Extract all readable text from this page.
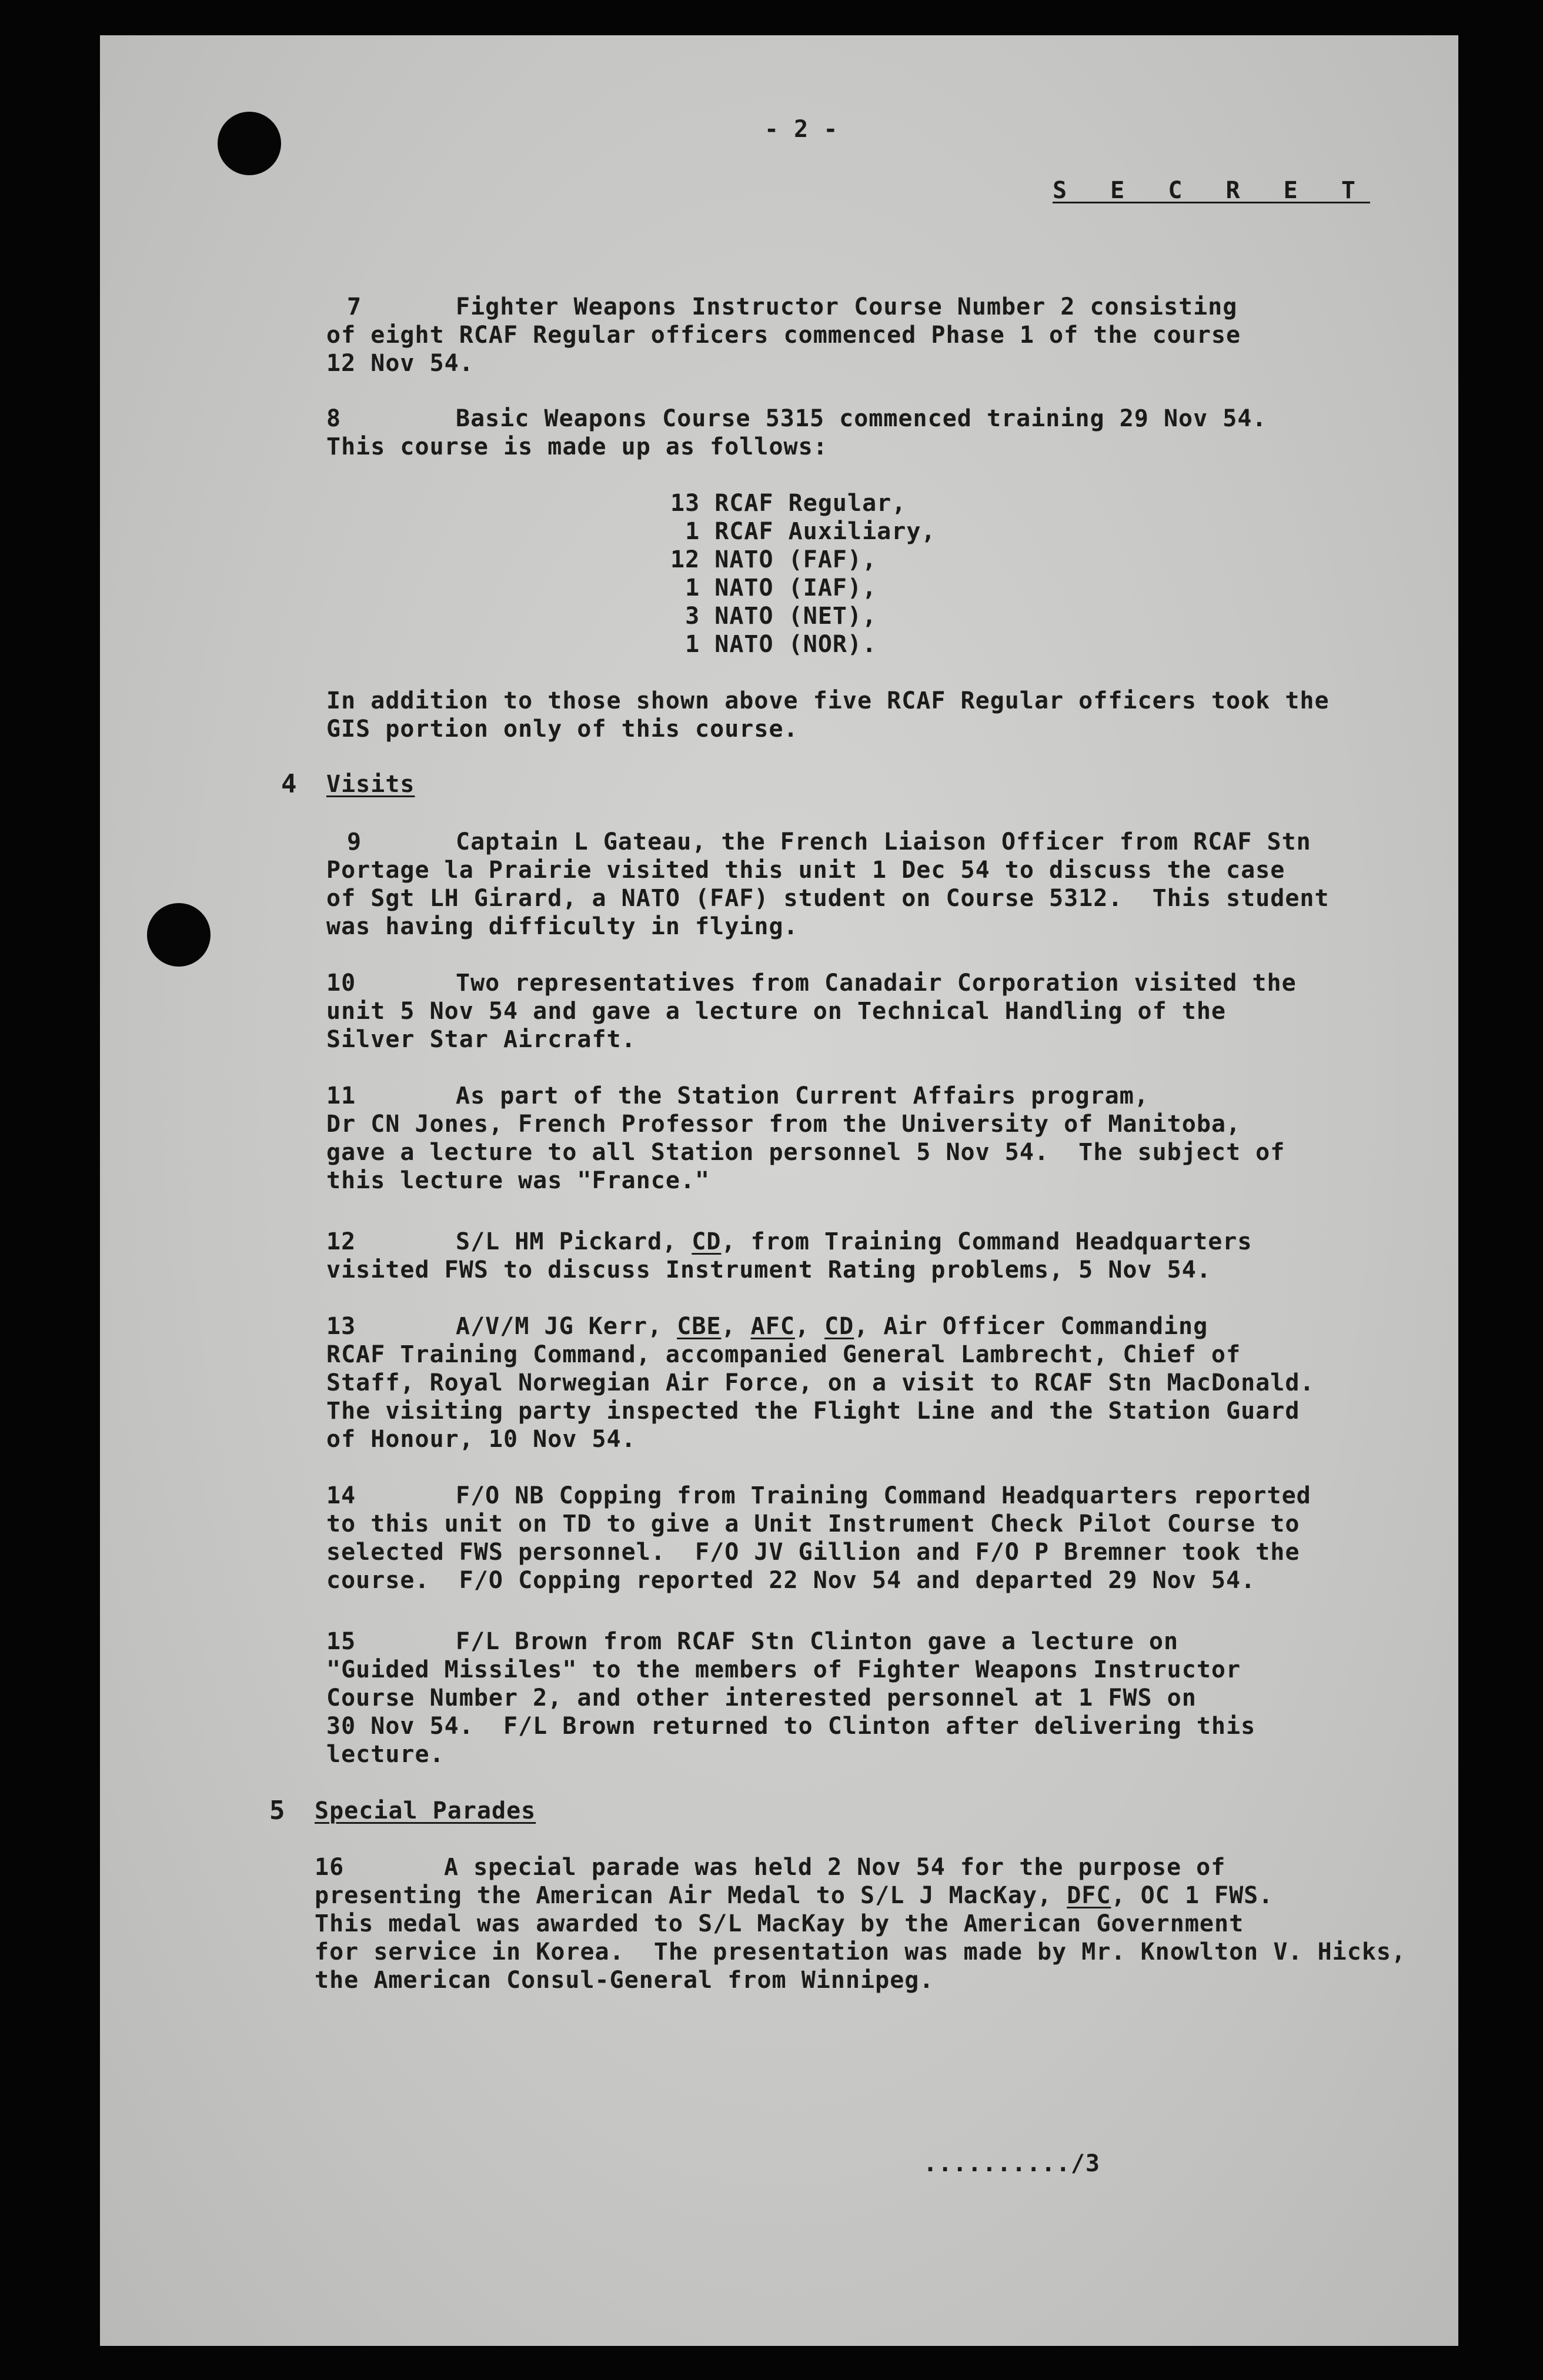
- 2 -
S E C R E T
7	Fighter Weapons Instructor Course Number 2 consisting
of eight RCAF Regular officers commenced Phase 1 of the course
12 Nov 54.
8	Basic Weapons Course 5315 commenced training 29 Nov 54.
This course is made up as follows:
13 RCAF Regular,
1 RCAF Auxiliary,
12 NATO (FAF),
1 NATO (IAF),
3 NATO (NET),
1 NATO (NOR).
In addition to those shown above five RCAF Regular officers took the
GIS portion only of this course.
4 Visits
9	Captain L Gateau, the French Liaison Officer from RCAF Stn
Portage la Prairie visited this unit 1 Dec 54 to discuss the case
of Sgt LH Girard, a NATO (FAF) student on Course 5312.  This student
was having difficulty in flying.
10	Two representatives from Canadair Corporation visited the
unit 5 Nov 54 and gave a lecture on Technical Handling of the
Silver Star Aircraft.
11	As part of the Station Current Affairs program,
Dr CN Jones, French Professor from the University of Manitoba,
gave a lecture to all Station personnel 5 Nov 54.  The subject of
this lecture was "France."
12	S/L HM Pickard, CD, from Training Command Headquarters
visited FWS to discuss Instrument Rating problems, 5 Nov 54.
13	A/V/M JG Kerr, CBE, AFC, CD, Air Officer Commanding
RCAF Training Command, accompanied General Lambrecht, Chief of
Staff, Royal Norwegian Air Force, on a visit to RCAF Stn MacDonald.
The visiting party inspected the Flight Line and the Station Guard
of Honour, 10 Nov 54.
14	F/O NB Copping from Training Command Headquarters reported
to this unit on TD to give a Unit Instrument Check Pilot Course to
selected FWS personnel.  F/O JV Gillion and F/O P Bremner took the
course.  F/O Copping reported 22 Nov 54 and departed 29 Nov 54.
15	F/L Brown from RCAF Stn Clinton gave a lecture on
"Guided Missiles" to the members of Fighter Weapons Instructor
Course Number 2, and other interested personnel at 1 FWS on
30 Nov 54.  F/L Brown returned to Clinton after delivering this
lecture.
5 Special Parades
16	A special parade was held 2 Nov 54 for the purpose of
presenting the American Air Medal to S/L J MacKay, DFC, OC 1 FWS.
This medal was awarded to S/L MacKay by the American Government
for service in Korea.  The presentation was made by Mr. Knowlton V. Hicks,
the American Consul-General from Winnipeg.
........../3
